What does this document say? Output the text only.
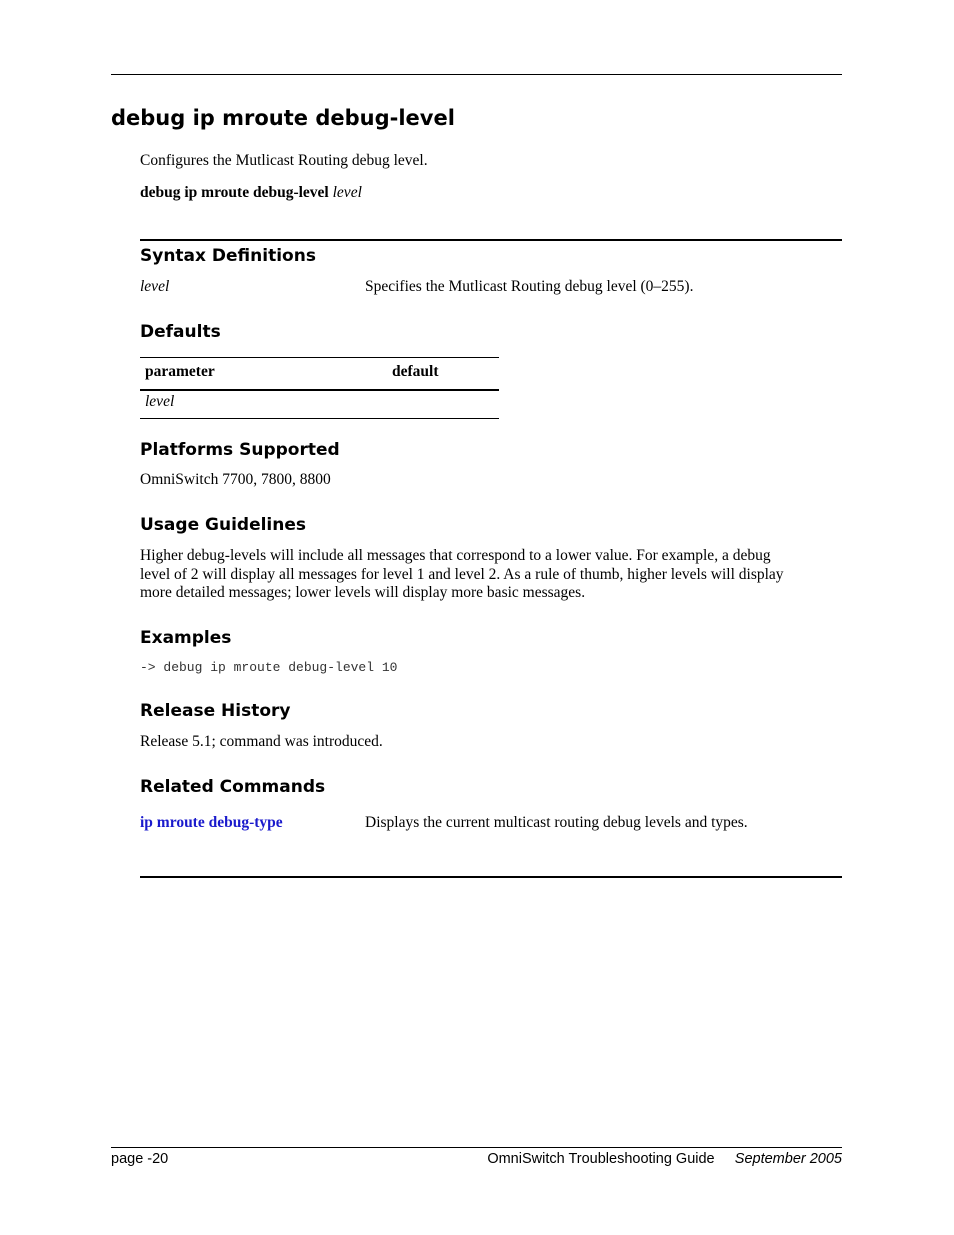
debug ip mroute debug-level
Configures the Mutlicast Routing debug level.
debug ip mroute debug-level level
Syntax Definitions
level	Specifies the Mutlicast Routing debug level (0–255).
Defaults
parameter	default
level
Platforms Supported
OmniSwitch 7700, 7800, 8800
Usage Guidelines
Higher debug-levels will include all messages that correspond to a lower value. For example, a debug
level of 2 will display all messages for level 1 and level 2. As a rule of thumb, higher levels will display
more detailed messages; lower levels will display more basic messages.
Examples
-> debug ip mroute debug-level 10
Release History
Release 5.1; command was introduced.
Related Commands
ip mroute debug-type	Displays the current multicast routing debug levels and types.
page -20	OmniSwitch Troubleshooting Guide September 2005
